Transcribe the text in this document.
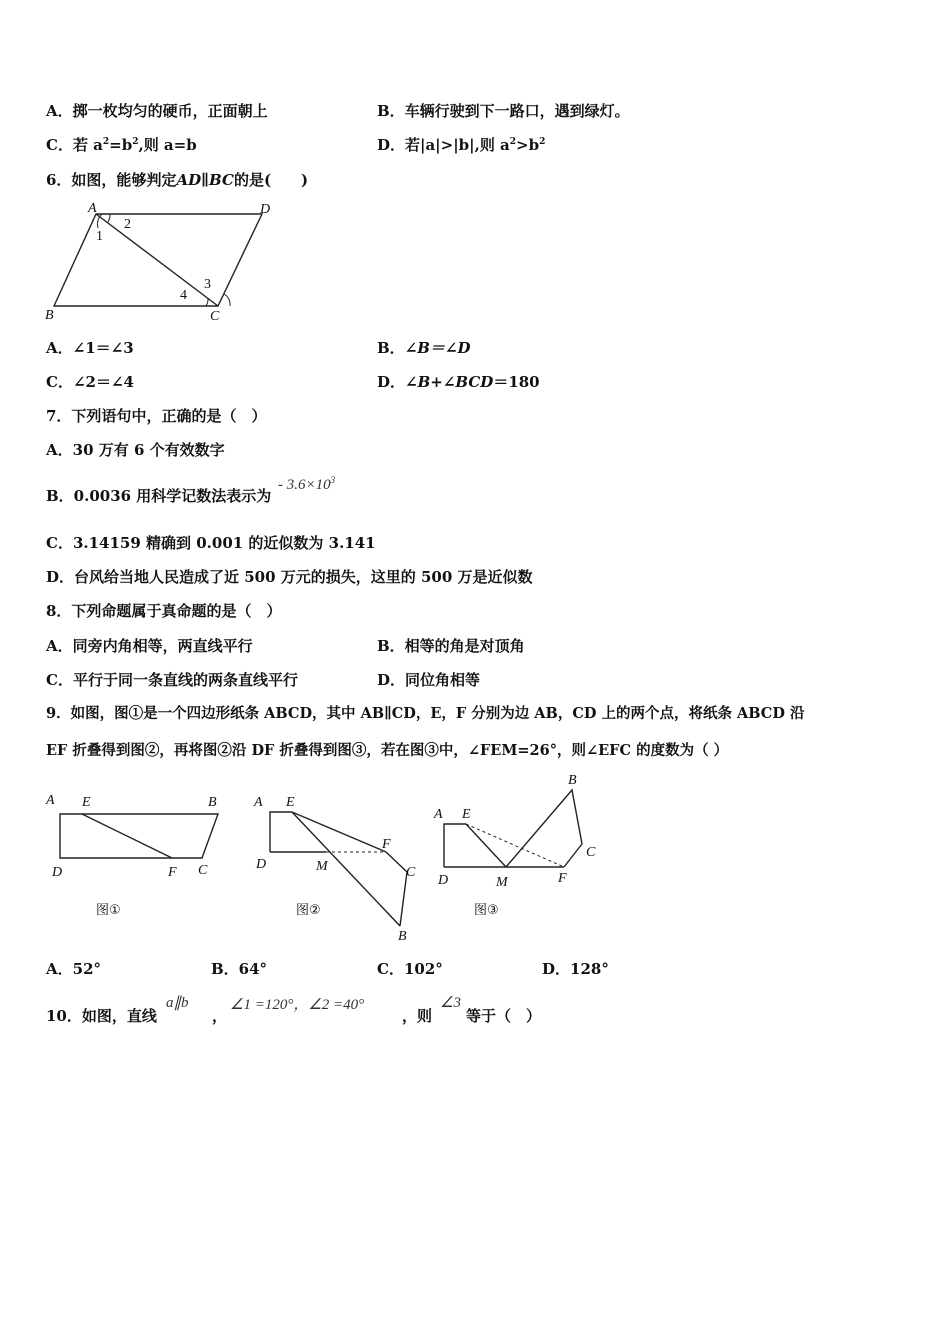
A．掷一枚均匀的硬币，正面朝上	B．车辆行驶到下一路口，遇到绿灯。
C．若 $a^2=b^2$,则 a=b	D．若|a|>|b|,则 $a^2>b^2$
6．如图，能够判定AD∥BC的是(　　)
A	D
B	C
1
2
3
4
A．∠1＝∠3	B．∠B＝∠D
C．∠2＝∠4	D．∠B+∠BCD＝180
7．下列语句中，正确的是（　）
A．30 万有 6 个有效数字
B．0.0036 用科学记数法表示为
- $3.6\times 10^3$
C．3.14159 精确到 0.001 的近似数为 3.141
D．台风给当地人民造成了近 500 万元的损失，这里的 500 万是近似数
8．下列命题属于真命题的是（　）
A．同旁内角相等，两直线平行	B．相等的角是对顶角
C．平行于同一条直线的两条直线平行	D．同位角相等
9．如图，图①是一个四边形纸条 ABCD，其中 AB∥CD，E，F 分别为边 AB，CD 上的两个点，将纸条 ABCD 沿
EF 折叠得到图②，再将图②沿 DF 折叠得到图③，若在图③中，∠FEM=26°，则∠EFC 的度数为（ ）
A E	B
D	F C
图①
A E
F
D	M	C
B
图②
A E
B
C
D	M	F
图③
A．52°	B．64°	C．102°	D．128°
10．如图，直线
a∥b
，
∠1 =120°，∠2 =40°
，则
∠3
等于（　）
